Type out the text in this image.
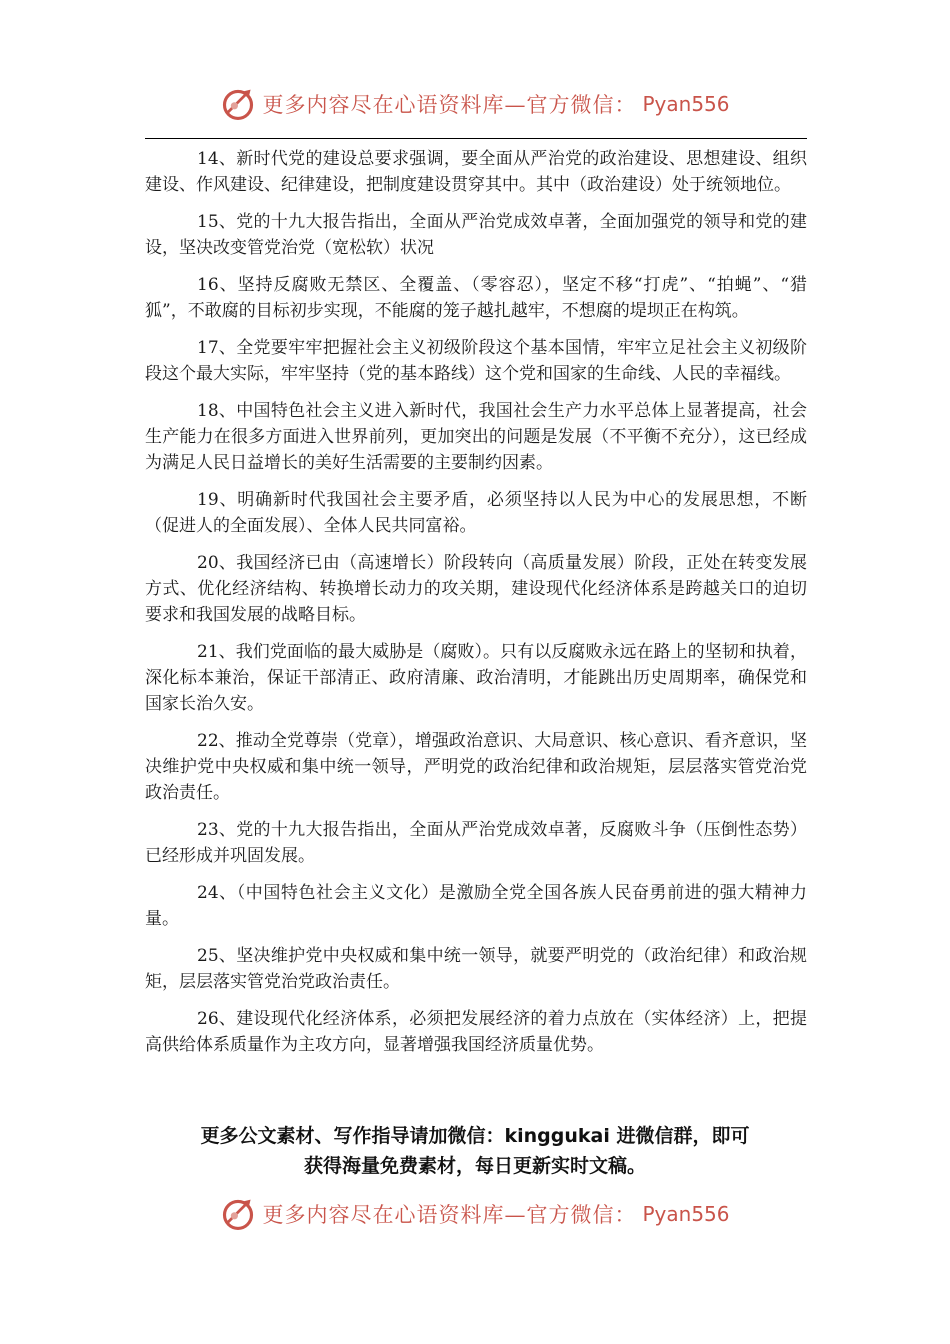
更多内容尽在心语资料库—官方微信： Pyan556

14、新时代党的建设总要求强调，要全面从严治党的政治建设、思想建设、组织建设、作风建设、纪律建设，把制度建设贯穿其中。其中（政治建设）处于统领地位。

15、党的十九大报告指出，全面从严治党成效卓著，全面加强党的领导和党的建设，坚决改变管党治党（宽松软）状况

16、坚持反腐败无禁区、全覆盖、（零容忍），坚定不移“打虎”、“拍蝇”、“猎狐”，不敢腐的目标初步实现，不能腐的笼子越扎越牢，不想腐的堤坝正在构筑。

17、全党要牢牢把握社会主义初级阶段这个基本国情，牢牢立足社会主义初级阶段这个最大实际，牢牢坚持（党的基本路线）这个党和国家的生命线、人民的幸福线。

18、中国特色社会主义进入新时代，我国社会生产力水平总体上显著提高，社会生产能力在很多方面进入世界前列，更加突出的问题是发展（不平衡不充分），这已经成为满足人民日益增长的美好生活需要的主要制约因素。

19、明确新时代我国社会主要矛盾，必须坚持以人民为中心的发展思想，不断（促进人的全面发展）、全体人民共同富裕。

20、我国经济已由（高速增长）阶段转向（高质量发展）阶段，正处在转变发展方式、优化经济结构、转换增长动力的攻关期，建设现代化经济体系是跨越关口的迫切要求和我国发展的战略目标。

21、我们党面临的最大威胁是（腐败）。只有以反腐败永远在路上的坚韧和执着，深化标本兼治，保证干部清正、政府清廉、政治清明，才能跳出历史周期率，确保党和国家长治久安。

22、推动全党尊崇（党章），增强政治意识、大局意识、核心意识、看齐意识，坚决维护党中央权威和集中统一领导，严明党的政治纪律和政治规矩，层层落实管党治党政治责任。

23、党的十九大报告指出，全面从严治党成效卓著，反腐败斗争（压倒性态势）已经形成并巩固发展。

24、（中国特色社会主义文化）是激励全党全国各族人民奋勇前进的强大精神力量。

25、坚决维护党中央权威和集中统一领导，就要严明党的（政治纪律）和政治规矩，层层落实管党治党政治责任。

26、建设现代化经济体系，必须把发展经济的着力点放在（实体经济）上，把提高供给体系质量作为主攻方向，显著增强我国经济质量优势。

更多公文素材、写作指导请加微信：kinggukai 进微信群，即可
获得海量免费素材，每日更新实时文稿。
更多内容尽在心语资料库—官方微信： Pyan556
